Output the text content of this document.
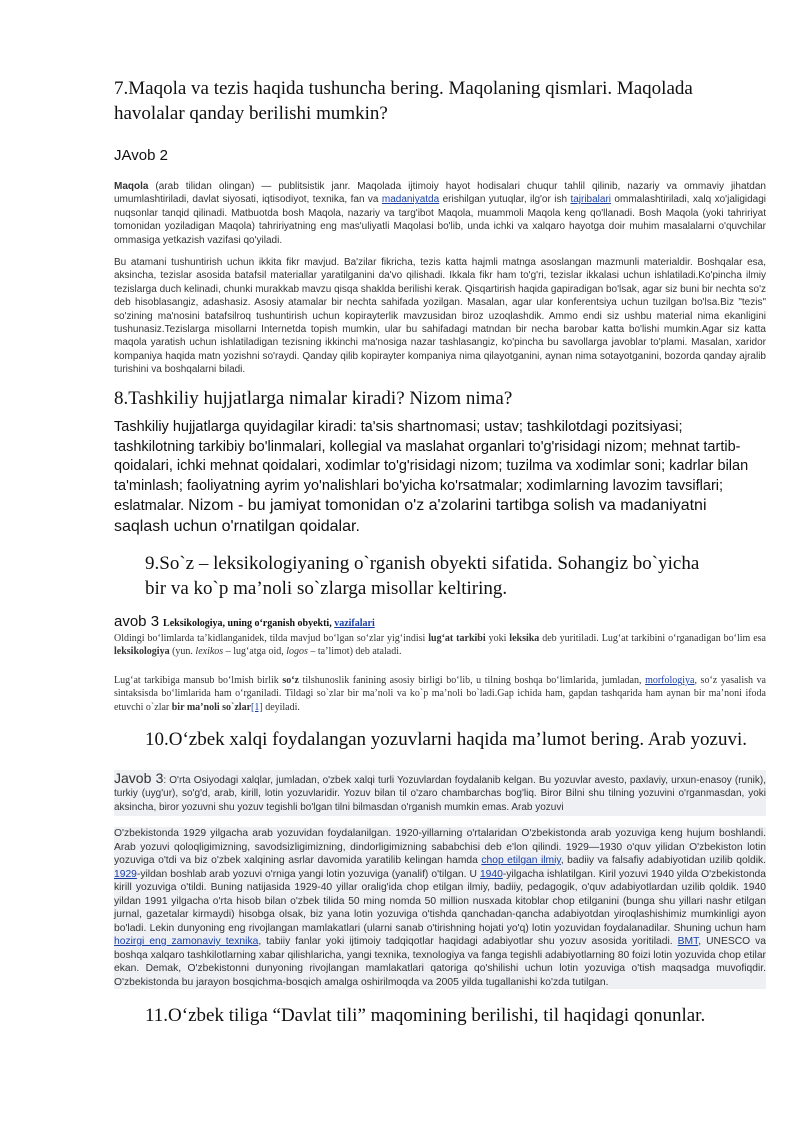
7.Maqola va tezis haqida tushuncha bering. Maqolaning qismlari. Maqolada havolalar qanday berilishi mumkin?
JAvob 2
Maqola (arab tilidan olingan) — publitsistik janr. Maqolada ijtimoiy hayot hodisalari chuqur tahlil qilinib, nazariy va ommaviy jihatdan umumlashtiriladi, davlat siyosati, iqtisodiyot, texnika, fan va madaniyatda erishilgan yutuqlar, ilg'or ish tajribalari ommalashtiriladi, xalq xo'jaligidagi nuqsonlar tanqid qilinadi. Matbuotda bosh Maqola, nazariy va targ'ibot Maqola, muammoli Maqola keng qo'llanadi. Bosh Maqola (yoki tahririyat tomonidan yoziladigan Maqola) tahririyatning eng mas'uliyatli Maqolasi bo'lib, unda ichki va xalqaro hayotga doir muhim masalalarni o'quvchilar ommasiga yetkazish vazifasi qo'yiladi.
Bu atamani tushuntirish uchun ikkita fikr mavjud. Ba'zilar fikricha, tezis katta hajmli matnga asoslangan mazmunli materialdir. Boshqalar esa, aksincha, tezislar asosida batafsil materiallar yaratilganini da'vo qilishadi. Ikkala fikr ham to'g'ri, tezislar ikkalasi uchun ishlatiladi.Ko'pincha ilmiy tezislarga duch kelinadi, chunki murakkab mavzu qisqa shaklda berilishi kerak. Qisqartirish haqida gapiradigan bo'lsak, agar siz buni bir nechta so'z deb hisoblasangiz, adashasiz. Asosiy atamalar bir nechta sahifada yozilgan. Masalan, agar ular konferentsiya uchun tuzilgan bo'lsa.Biz "tezis" so'zining ma'nosini batafsilroq tushuntirish uchun kopirayterlik mavzusidan biroz uzoqlashdik. Ammo endi siz ushbu material nima ekanligini tushunasiz.Tezislarga misollarni Internetda topish mumkin, ular bu sahifadagi matndan bir necha barobar katta bo'lishi mumkin.Agar siz katta maqola yaratish uchun ishlatiladigan tezisning ikkinchi ma'nosiga nazar tashlasangiz, ko'pincha bu savollarga javoblar to'plami. Masalan, xaridor kompaniya haqida matn yozishni so'raydi. Qanday qilib kopirayter kompaniya nima qilayotganini, aynan nima sotayotganini, bozorda qanday ajralib turishini va boshqalarni biladi.
8.Tashkiliy hujjatlarga nimalar kiradi? Nizom nima?
Tashkiliy hujjatlarga quyidagilar kiradi: ta'sis shartnomasi; ustav; tashkilotdagi pozitsiyasi; tashkilotning tarkibiy bo'linmalari, kollegial va maslahat organlari to'g'risidagi nizom; mehnat tartib-qoidalari, ichki mehnat qoidalari, xodimlar to'g'risidagi nizom; tuzilma va xodimlar soni; kadrlar bilan ta'minlash; faoliyatning ayrim yo'nalishlari bo'yicha ko'rsatmalar; xodimlarning lavozim tavsiflari; eslatmalar. Nizom - bu jamiyat tomonidan o'z a'zolarini tartibga solish va madaniyatni saqlash uchun o'rnatilgan qoidalar.
9.So`z – leksikologiyaning o`rganish obyekti sifatida. Sohangiz bo`yicha bir va ko`p ma’noli so`zlarga misollar keltiring.
avob 3 Leksikologiya, uning o‘rganish obyekti, vazifalari
Oldingi bo‘limlarda ta’kidlanganidek, tilda mavjud bo‘lgan so‘zlar yig‘indisi lug‘at tarkibi yoki leksika deb yuritiladi. Lug‘at tarkibini o‘rganadigan bo‘lim esa leksikologiya (yun. lexikos – lug‘atga oid, logos – ta’limot) deb ataladi.
Lug‘at tarkibiga mansub bo‘lmish birlik so‘z tilshunoslik fanining asosiy birligi bo‘lib, u tilning boshqa bo‘limlarida, jumladan, morfologiya, so‘z yasalish va sintaksisda bo‘limlarida ham o‘rganiladi. Tildagi so`zlar bir ma’noli va ko`p ma’noli bo`ladi.Gap ichida ham, gapdan tashqarida ham aynan bir ma’noni ifoda etuvchi o`zlar bir ma’noli so`zlar[1] deyiladi.
10.O‘zbek xalqi foydalangan yozuvlarni haqida ma’lumot bering. Arab yozuvi.
Javob 3: O'rta Osiyodagi xalqlar, jumladan, o'zbek xalqi turli Yozuvlardan foydalanib kelgan. Bu yozuvlar avesto, paxlaviy, urxun-enasoy (runik), turkiy (uyg'ur), so'g'd, arab, kirill, lotin yozuvlaridir. Yozuv bilan til o'zaro chambarchas bog'liq. Biror Bilni shu tilning yozuvini o'rganmasdan, yoki aksincha, biror yozuvni shu yozuv tegishli bo'lgan tilni bilmasdan o'rganish mumkin emas. Arab yozuvi
O'zbekistonda 1929 yilgacha arab yozuvidan foydalanilgan. 1920-yillarning o'rtalaridan O'zbekistonda arab yozuviga keng hujum boshlandi. Arab yozuvi qoloqligimizning, savodsizligimizning, dindorligimizning sababchisi deb e'lon qilindi. 1929—1930 o'quv yilidan O'zbekiston lotin yozuviga o'tdi va biz o'zbek xalqining asrlar davomida yaratilib kelingan hamda chop etilgan ilmiy, badiiy va falsafiy adabiyotidan uzilib qoldik. 1929-yildan boshlab arab yozuvi o'rniga yangi lotin yozuviga (yanalif) o'tilgan. U 1940-yilgacha ishlatilgan. Kiril yozuvi 1940 yilda O'zbekistonda kirill yozuviga o'tildi. Buning natijasida 1929-40 yillar oralig'ida chop etilgan ilmiy, badiiy, pedagogik, o'quv adabiyotlardan uzilib qoldik. 1940 yildan 1991 yilgacha o'rta hisob bilan o'zbek tilida 50 ming nomda 50 million nusxada kitoblar chop etilganini (bunga shu yillari nashr etilgan jurnal, gazetalar kirmaydi) hisobga olsak, biz yana lotin yozuviga o'tishda qanchadan-qancha adabiyotdan yiroqlashishimiz mumkinligi ayon bo'ladi. Lekin dunyoning eng rivojlangan mamlakatlari (ularni sanab o'tirishning hojati yo'q) lotin yozuvidan foydalanadilar. Shuning uchun ham hozirgi eng zamonaviy texnika, tabiiy fanlar yoki ijtimoiy tadqiqotlar haqidagi adabiyotlar shu yozuv asosida yoritiladi. BMT, UNESCO va boshqa xalqaro tashkilotlarning xabar qilishlaricha, yangi texnika, texnologiya va fanga tegishli adabiyotlarning 80 foizi lotin yozuvida chop etilar ekan. Demak, O'zbekistonni dunyoning rivojlangan mamlakatlari qatoriga qo'shilishi uchun lotin yozuviga o'tish maqsadga muvofiqdir. O'zbekistonda bu jarayon bosqichma-bosqich amalga oshirilmoqda va 2005 yilda tugallanishi ko'zda tutilgan.
11.O‘zbek tiliga “Davlat tili” maqomining berilishi, til haqidagi qonunlar.
